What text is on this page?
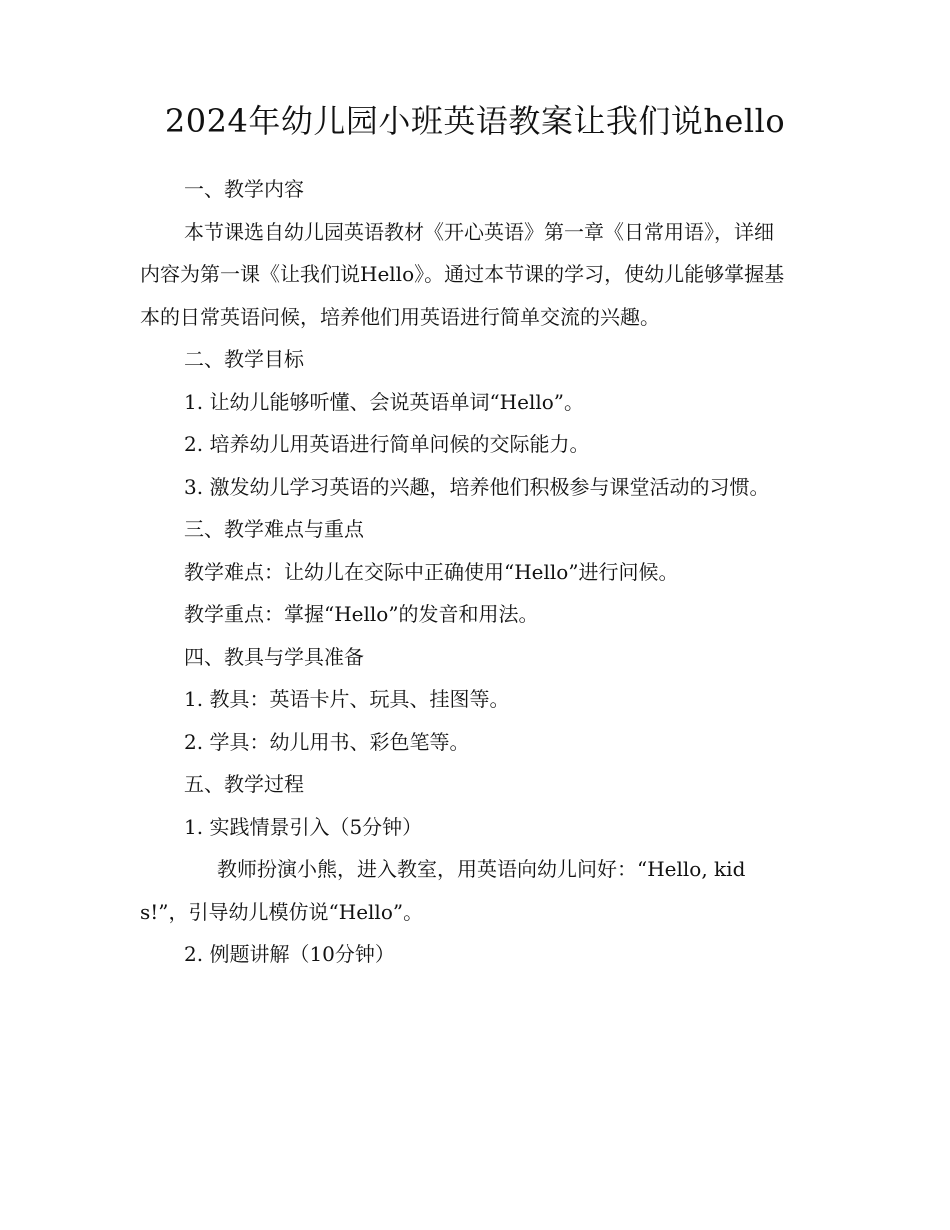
2024年幼儿园小班英语教案让我们说hello

一、教学内容

本节课选自幼儿园英语教材《开心英语》第一章《日常用语》，详细内容为第一课《让我们说Hello》。通过本节课的学习，使幼儿能够掌握基本的日常英语问候，培养他们用英语进行简单交流的兴趣。

二、教学目标

1. 让幼儿能够听懂、会说英语单词“Hello”。

2. 培养幼儿用英语进行简单问候的交际能力。

3. 激发幼儿学习英语的兴趣，培养他们积极参与课堂活动的习惯。

三、教学难点与重点

教学难点：让幼儿在交际中正确使用“Hello”进行问候。

教学重点：掌握“Hello”的发音和用法。

四、教具与学具准备

1. 教具：英语卡片、玩具、挂图等。

2. 学具：幼儿用书、彩色笔等。

五、教学过程

1. 实践情景引入（5分钟）

教师扮演小熊，进入教室，用英语向幼儿问好：“Hello, kids!”，引导幼儿模仿说“Hello”。

2. 例题讲解（10分钟）
